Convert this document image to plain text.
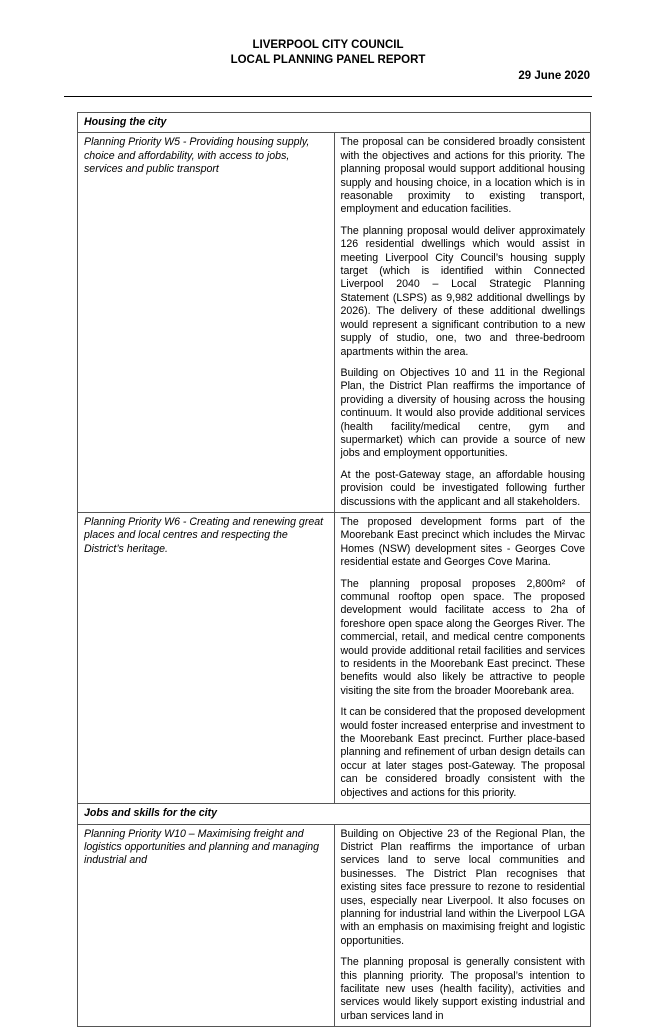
LIVERPOOL CITY COUNCIL
LOCAL PLANNING PANEL REPORT
29 June 2020
Housing the city	
Planning Priority W5 - Providing housing supply, choice and affordability, with access to jobs, services and public transport	The proposal can be considered broadly consistent with the objectives and actions for this priority. The planning proposal would support additional housing supply and housing choice, in a location which is in reasonable proximity to existing transport, employment and education facilities.

The planning proposal would deliver approximately 126 residential dwellings which would assist in meeting Liverpool City Council’s housing supply target (which is identified within Connected Liverpool 2040 – Local Strategic Planning Statement (LSPS) as 9,982 additional dwellings by 2026). The delivery of these additional dwellings would represent a significant contribution to a new supply of studio, one, two and three-bedroom apartments within the area.

Building on Objectives 10 and 11 in the Regional Plan, the District Plan reaffirms the importance of providing a diversity of housing across the housing continuum. It would also provide additional services (health facility/medical centre, gym and supermarket) which can provide a source of new jobs and employment opportunities.

At the post-Gateway stage, an affordable housing provision could be investigated following further discussions with the applicant and all stakeholders.

Planning Priority W6 - Creating and renewing great places and local centres and respecting the District’s heritage.	The proposed development forms part of the Moorebank East precinct which includes the Mirvac Homes (NSW) development sites - Georges Cove residential estate and Georges Cove Marina.

The planning proposal proposes 2,800m² of communal rooftop open space. The proposed development would facilitate access to 2ha of foreshore open space along the Georges River. The commercial, retail, and medical centre components would provide additional retail facilities and services to residents in the Moorebank East precinct. These benefits would also likely be attractive to people visiting the site from the broader Moorebank area.

It can be considered that the proposed development would foster increased enterprise and investment to the Moorebank East precinct. Further place-based planning and refinement of urban design details can occur at later stages post-Gateway. The proposal can be considered broadly consistent with the objectives and actions for this priority.

Jobs and skills for the city	
Planning Priority W10 – Maximising freight and logistics opportunities and planning and managing industrial and	Building on Objective 23 of the Regional Plan, the District Plan reaffirms the importance of urban services land to serve local communities and businesses. The District Plan recognises that existing sites face pressure to rezone to residential uses, especially near Liverpool. It also focuses on planning for industrial land within the Liverpool LGA with an emphasis on maximising freight and logistic opportunities.

The planning proposal is generally consistent with this planning priority. The proposal’s intention to facilitate new uses (health facility), activities and services would likely support existing industrial and urban services land in
